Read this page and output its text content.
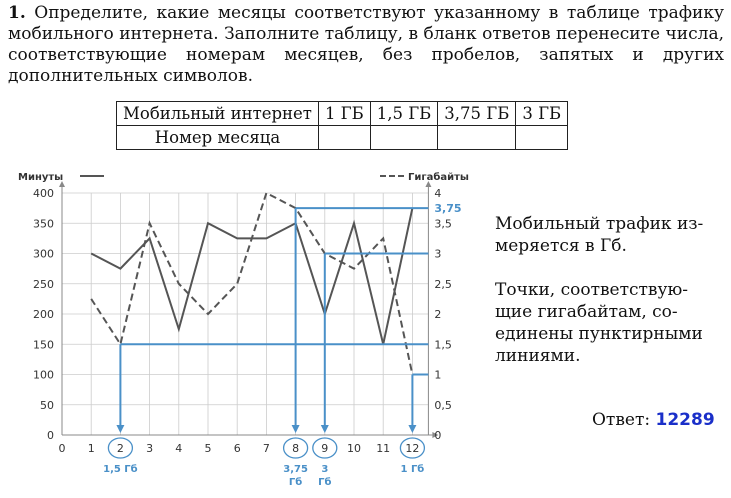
1. Определите, какие месяцы соответствуют указанному в таблице трафику мобильного интернета. Заполните таблицу, в бланк ответов перенесите числа, соответствующие номерам месяцев, без пробелов, запятых и других дополнительных символов.
Мобильный интернет	1 ГБ	1,5 ГБ	3,75 ГБ	3 ГБ
Номер месяца				
0
50
100
150
200
250
300
350
400
0
0,5
1
1,5
2
2,5
3
3,5
4
0 1 2 3 4 5 6 7 8 9 10 11 12
Минуты	Гигабайты
1,5 Гб	3,75
Гб
3
Гб
1 Гб
3,75

Мобильный трафик из-меряется в Гб.

Точки, соответствую-щие гигабайтам, со-единены пунктирными линиями.

Ответ: 12289
